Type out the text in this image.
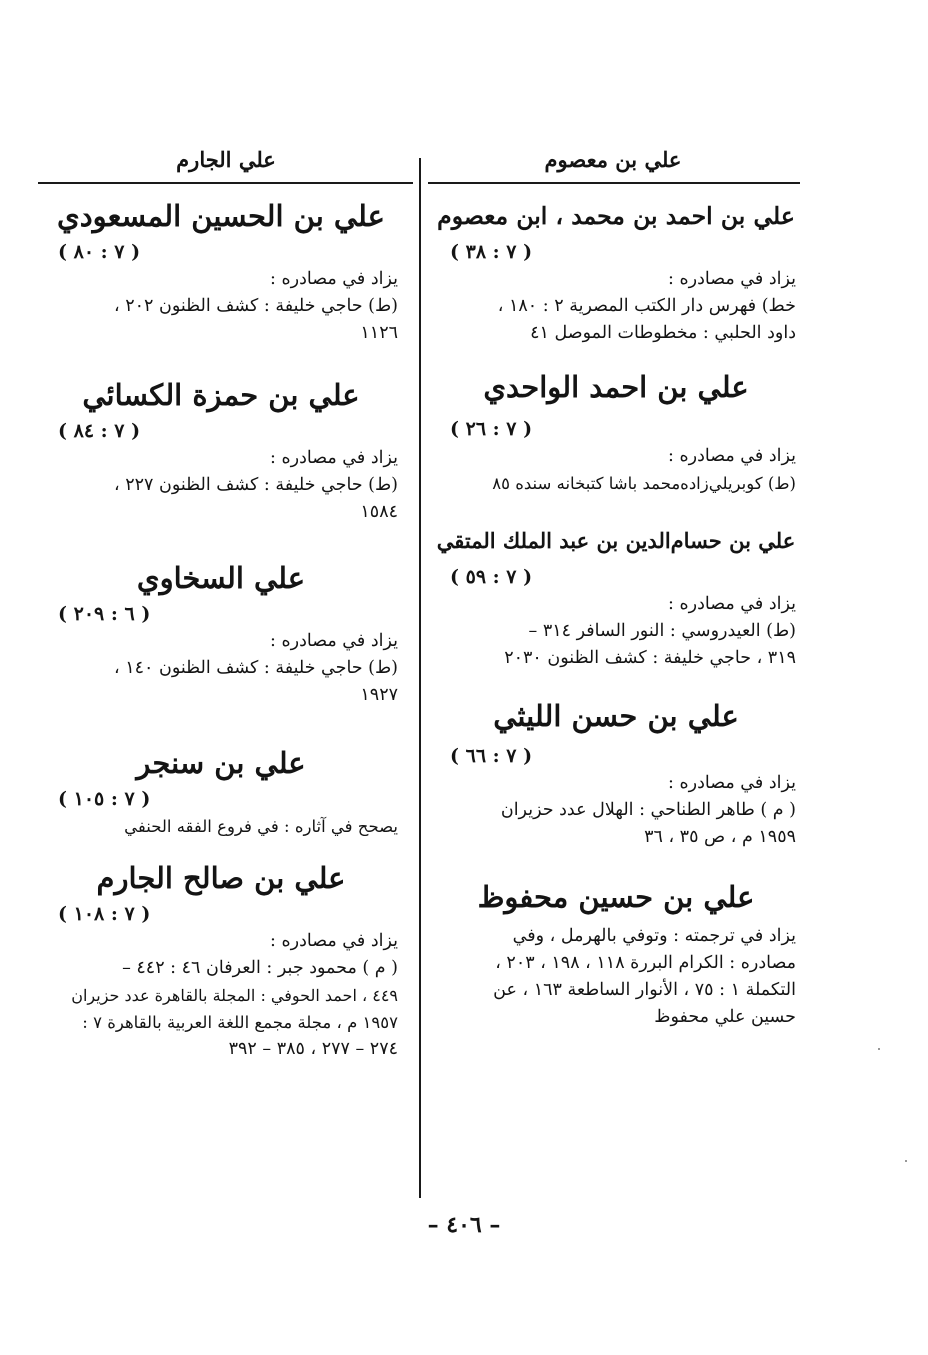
علي بن معصوم
علي الجارم
علي بن احمد بن محمد ، ابن معصوم
( ٧ : ٣٨ )
يزاد في مصادره :
خط) فهرس دار الكتب المصرية ٢ : ١٨٠ ،
داود الحلبي : مخطوطات الموصل ٤١
علي بن احمد الواحدي
( ٧ : ٢٦ )
يزاد في مصادره :
(ط) كوبريلي‌زاده‌محمد باشا كتبخانه سنده ٨٥
علي بن حسام‌الدين بن عبد الملك المتقي
( ٧ : ٥٩ )
يزاد في مصادره :
(ط) العيدروسي : النور السافر ٣١٤ –
٣١٩ ، حاجي خليفة : كشف الظنون ٢٠٣٠
علي بن حسن الليثي
( ٧ : ٦٦ )
يزاد في مصادره :
( م ) طاهر الطناحي : الهلال عدد حزيران
١٩٥٩ م ، ص ٣٥ ، ٣٦
علي بن حسين محفوظ
يزاد في ترجمته : وتوفي بالهرمل ، وفي
مصادره : الكرام البررة ١١٨ ، ١٩٨ ، ٢٠٣ ،
التكملة ١ : ٧٥ ، الأنوار الساطعة ١٦٣ ، عن
حسين علي محفوظ
علي بن الحسين المسعودي
( ٧ : ٨٠ )
يزاد في مصادره :
(ط) حاجي خليفة : كشف الظنون ٢٠٢ ،
١١٢٦
علي بن حمزة الكسائي
( ٧ : ٨٤ )
يزاد في مصادره :
(ط) حاجي خليفة : كشف الظنون ٢٢٧ ،
١٥٨٤
علي السخاوي
( ٦ : ٢٠٩ )
يزاد في مصادره :
(ط) حاجي خليفة : كشف الظنون ١٤٠ ،
١٩٢٧
علي بن سنجر
( ٧ : ١٠٥ )
يصحح في آثاره : في فروع الفقه الحنفي
علي بن صالح الجارم
( ٧ : ١٠٨ )
يزاد في مصادره :
( م ) محمود جبر : العرفان ٤٦ : ٤٤٢ –
٤٤٩ ، احمد الحوفي : المجلة بالقاهرة عدد حزيران
١٩٥٧ م ، مجلة مجمع اللغة العربية بالقاهرة ٧ :
٢٧٤ – ٢٧٧ ، ٣٨٥ – ٣٩٢
– ٤٠٦ –
